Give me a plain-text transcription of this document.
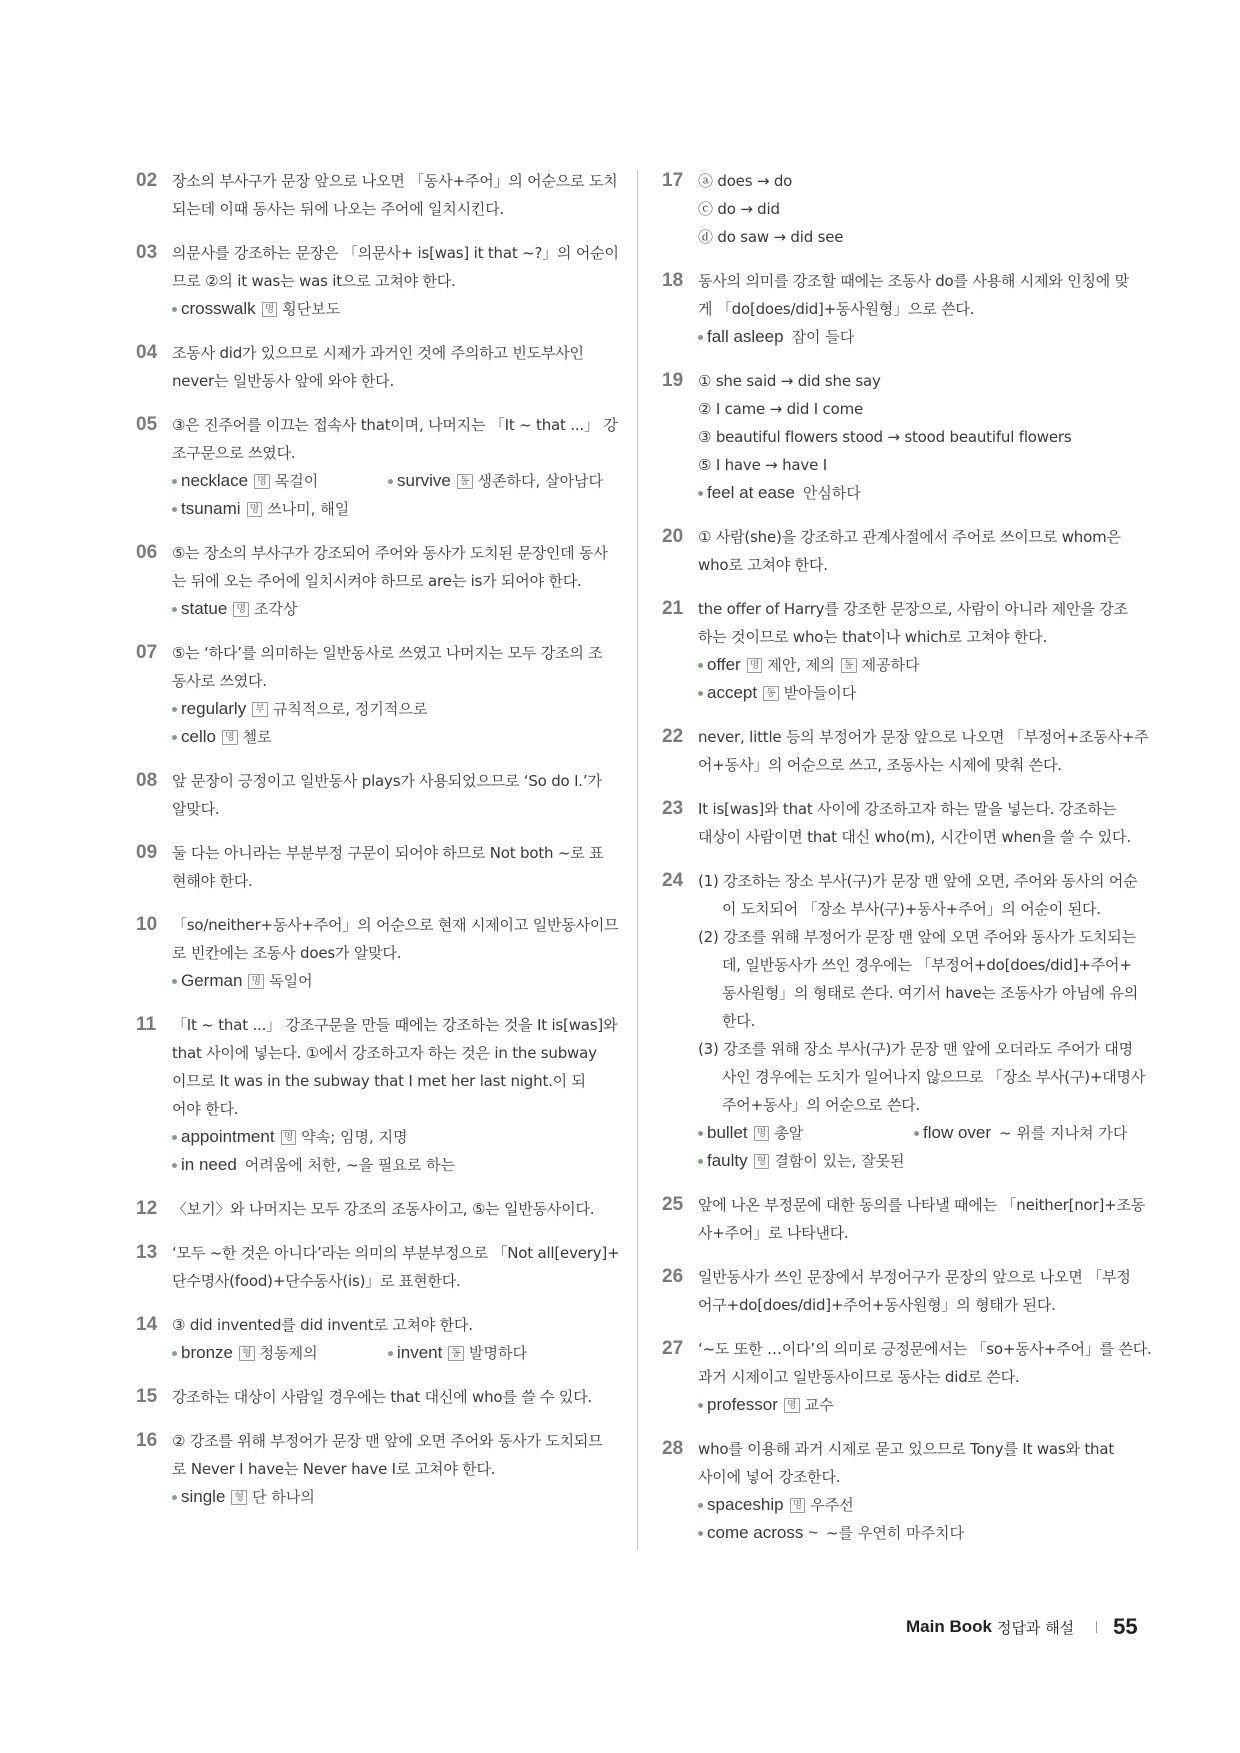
02 장소의 부사구가 문장 앞으로 나오면 「동사+주어」의 어순으로 도치
되는데 이때 동사는 뒤에 나오는 주어에 일치시킨다.
03 의문사를 강조하는 문장은 「의문사+ is[was] it that ~?」의 어순이
므로 ②의 it was는 was it으로 고쳐야 한다.
crosswalk 명 횡단보도
04 조동사 did가 있으므로 시제가 과거인 것에 주의하고 빈도부사인
never는 일반동사 앞에 와야 한다.
05 ③은 진주어를 이끄는 접속사 that이며, 나머지는 「It ~ that ...」 강
조구문으로 쓰였다.
necklace 명 목걸이	survive 동 생존하다, 살아남다
tsunami 명 쓰나미, 해일
06 ⑤는 장소의 부사구가 강조되어 주어와 동사가 도치된 문장인데 동사
는 뒤에 오는 주어에 일치시켜야 하므로 are는 is가 되어야 한다.
statue 명 조각상
07 ⑤는 ‘하다’를 의미하는 일반동사로 쓰였고 나머지는 모두 강조의 조
동사로 쓰였다.
regularly 부 규칙적으로, 정기적으로
cello 명 첼로
08 앞 문장이 긍정이고 일반동사 plays가 사용되었으므로 ‘So do I.’가
알맞다.
09 둘 다는 아니라는 부분부정 구문이 되어야 하므로 Not both ~로 표
현해야 한다.
10 「so/neither+동사+주어」의 어순으로 현재 시제이고 일반동사이므
로 빈칸에는 조동사 does가 알맞다.
German 명 독일어
11 「It ~ that ...」 강조구문을 만들 때에는 강조하는 것을 It is[was]와
that 사이에 넣는다. ①에서 강조하고자 하는 것은 in the subway
이므로 It was in the subway that I met her last night.이 되
어야 한다.
appointment 명 약속; 임명, 지명
in need 어려움에 처한, ~을 필요로 하는
12 〈보기〉와 나머지는 모두 강조의 조동사이고, ⑤는 일반동사이다.
13 ‘모두 ~한 것은 아니다’라는 의미의 부분부정으로 「Not all[every]+
단수명사(food)+단수동사(is)」로 표현한다.
14 ③ did invented를 did invent로 고쳐야 한다.
bronze 형 청동제의	invent 동 발명하다
15 강조하는 대상이 사람일 경우에는 that 대신에 who를 쓸 수 있다.
16 ② 강조를 위해 부정어가 문장 맨 앞에 오면 주어와 동사가 도치되므
로 Never I have는 Never have I로 고쳐야 한다.
single 형 단 하나의
17 ⓐ does → do
ⓒ do → did
ⓓ do saw → did see
18 동사의 의미를 강조할 때에는 조동사 do를 사용해 시제와 인칭에 맞
게 「do[does/did]+동사원형」으로 쓴다.
fall asleep 잠이 들다
19 ① she said → did she say
② I came → did I come
③ beautiful flowers stood → stood beautiful flowers
⑤ I have → have I
feel at ease 안심하다
20 ① 사람(she)을 강조하고 관계사절에서 주어로 쓰이므로 whom은
who로 고쳐야 한다.
21 the offer of Harry를 강조한 문장으로, 사람이 아니라 제안을 강조
하는 것이므로 who는 that이나 which로 고쳐야 한다.
offer 명 제안, 제의 동 제공하다
accept 동 받아들이다
22 never, little 등의 부정어가 문장 앞으로 나오면 「부정어+조동사+주
어+동사」의 어순으로 쓰고, 조동사는 시제에 맞춰 쓴다.
23 It is[was]와 that 사이에 강조하고자 하는 말을 넣는다. 강조하는
대상이 사람이면 that 대신 who(m), 시간이면 when을 쓸 수 있다.
24 (1) 강조하는 장소 부사(구)가 문장 맨 앞에 오면, 주어와 동사의 어순
이 도치되어 「장소 부사(구)+동사+주어」의 어순이 된다.
(2) 강조를 위해 부정어가 문장 맨 앞에 오면 주어와 동사가 도치되는
데, 일반동사가 쓰인 경우에는 「부정어+do[does/did]+주어+
동사원형」의 형태로 쓴다. 여기서 have는 조동사가 아님에 유의
한다.
(3) 강조를 위해 장소 부사(구)가 문장 맨 앞에 오더라도 주어가 대명
사인 경우에는 도치가 일어나지 않으므로 「장소 부사(구)+대명사
주어+동사」의 어순으로 쓴다.
bullet 명 총알	flow over ~ 위를 지나쳐 가다
faulty 형 결함이 있는, 잘못된
25 앞에 나온 부정문에 대한 동의를 나타낼 때에는 「neither[nor]+조동
사+주어」로 나타낸다.
26 일반동사가 쓰인 문장에서 부정어구가 문장의 앞으로 나오면 「부정
어구+do[does/did]+주어+동사원형」의 형태가 된다.
27 ‘~도 또한 …이다’의 의미로 긍정문에서는 「so+동사+주어」를 쓴다.
과거 시제이고 일반동사이므로 동사는 did로 쓴다.
professor 명 교수
28 who를 이용해 과거 시제로 묻고 있으므로 Tony를 It was와 that
사이에 넣어 강조한다.
spaceship 명 우주선
come across ~ ~를 우연히 마주치다
Main Book 정답과 해설 55
